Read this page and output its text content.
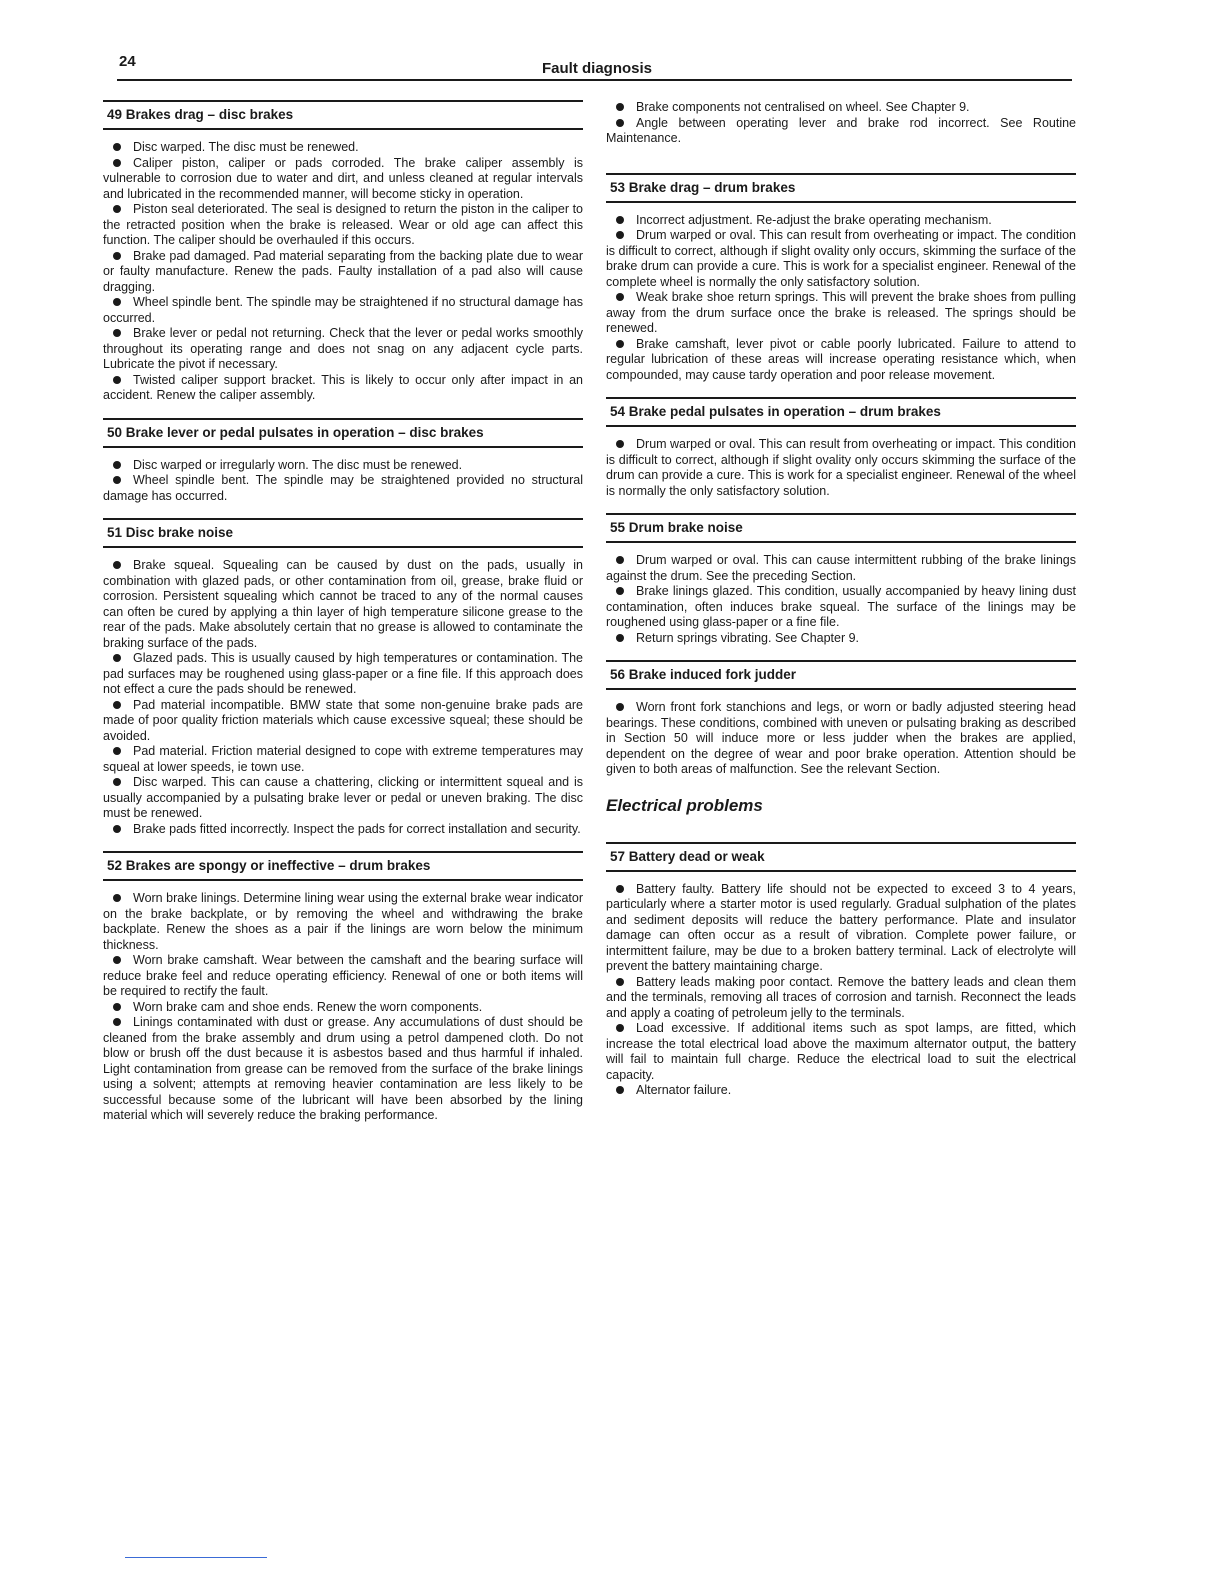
24	Fault diagnosis
49 Brakes drag – disc brakes

Disc warped. The disc must be renewed.

Caliper piston, caliper or pads corroded. The brake caliper assembly is vulnerable to corrosion due to water and dirt, and unless cleaned at regular intervals and lubricated in the recommended manner, will become sticky in operation.

Piston seal deteriorated. The seal is designed to return the piston in the caliper to the retracted position when the brake is released. Wear or old age can affect this function. The caliper should be overhauled if this occurs.

Brake pad damaged. Pad material separating from the backing plate due to wear or faulty manufacture. Renew the pads. Faulty installation of a pad also will cause dragging.

Wheel spindle bent. The spindle may be straightened if no structural damage has occurred.

Brake lever or pedal not returning. Check that the lever or pedal works smoothly throughout its operating range and does not snag on any adjacent cycle parts. Lubricate the pivot if necessary.

Twisted caliper support bracket. This is likely to occur only after impact in an accident. Renew the caliper assembly.

50 Brake lever or pedal pulsates in operation – disc brakes

Disc warped or irregularly worn. The disc must be renewed.

Wheel spindle bent. The spindle may be straightened provided no structural damage has occurred.

51 Disc brake noise

Brake squeal. Squealing can be caused by dust on the pads, usually in combination with glazed pads, or other contamination from oil, grease, brake fluid or corrosion. Persistent squealing which cannot be traced to any of the normal causes can often be cured by applying a thin layer of high temperature silicone grease to the rear of the pads. Make absolutely certain that no grease is allowed to contaminate the braking surface of the pads.

Glazed pads. This is usually caused by high temperatures or contamination. The pad surfaces may be roughened using glass-paper or a fine file. If this approach does not effect a cure the pads should be renewed.

Pad material incompatible. BMW state that some non-genuine brake pads are made of poor quality friction materials which cause excessive squeal; these should be avoided.

Pad material. Friction material designed to cope with extreme temperatures may squeal at lower speeds, ie town use.

Disc warped. This can cause a chattering, clicking or intermittent squeal and is usually accompanied by a pulsating brake lever or pedal or uneven braking. The disc must be renewed.

Brake pads fitted incorrectly. Inspect the pads for correct installation and security.

52 Brakes are spongy or ineffective – drum brakes

Worn brake linings. Determine lining wear using the external brake wear indicator on the brake backplate, or by removing the wheel and withdrawing the brake backplate. Renew the shoes as a pair if the linings are worn below the minimum thickness.

Worn brake camshaft. Wear between the camshaft and the bearing surface will reduce brake feel and reduce operating efficiency. Renewal of one or both items will be required to rectify the fault.

Worn brake cam and shoe ends. Renew the worn components.

Linings contaminated with dust or grease. Any accumulations of dust should be cleaned from the brake assembly and drum using a petrol dampened cloth. Do not blow or brush off the dust because it is asbestos based and thus harmful if inhaled. Light contamination from grease can be removed from the surface of the brake linings using a solvent; attempts at removing heavier contamination are less likely to be successful because some of the lubricant will have been absorbed by the lining material which will severely reduce the braking performance.

Brake components not centralised on wheel. See Chapter 9.

Angle between operating lever and brake rod incorrect. See Routine Maintenance.

53 Brake drag – drum brakes

Incorrect adjustment. Re-adjust the brake operating mechanism.

Drum warped or oval. This can result from overheating or impact. The condition is difficult to correct, although if slight ovality only occurs, skimming the surface of the brake drum can provide a cure. This is work for a specialist engineer. Renewal of the complete wheel is normally the only satisfactory solution.

Weak brake shoe return springs. This will prevent the brake shoes from pulling away from the drum surface once the brake is released. The springs should be renewed.

Brake camshaft, lever pivot or cable poorly lubricated. Failure to attend to regular lubrication of these areas will increase operating resistance which, when compounded, may cause tardy operation and poor release movement.

54 Brake pedal pulsates in operation – drum brakes

Drum warped or oval. This can result from overheating or impact. This condition is difficult to correct, although if slight ovality only occurs skimming the surface of the drum can provide a cure. This is work for a specialist engineer. Renewal of the wheel is normally the only satisfactory solution.

55 Drum brake noise

Drum warped or oval. This can cause intermittent rubbing of the brake linings against the drum. See the preceding Section.

Brake linings glazed. This condition, usually accompanied by heavy lining dust contamination, often induces brake squeal. The surface of the linings may be roughened using glass-paper or a fine file.

Return springs vibrating. See Chapter 9.

56 Brake induced fork judder

Worn front fork stanchions and legs, or worn or badly adjusted steering head bearings. These conditions, combined with uneven or pulsating braking as described in Section 50 will induce more or less judder when the brakes are applied, dependent on the degree of wear and poor brake operation. Attention should be given to both areas of malfunction. See the relevant Section.

Electrical problems
57 Battery dead or weak

Battery faulty. Battery life should not be expected to exceed 3 to 4 years, particularly where a starter motor is used regularly. Gradual sulphation of the plates and sediment deposits will reduce the battery performance. Plate and insulator damage can often occur as a result of vibration. Complete power failure, or intermittent failure, may be due to a broken battery terminal. Lack of electrolyte will prevent the battery maintaining charge.

Battery leads making poor contact. Remove the battery leads and clean them and the terminals, removing all traces of corrosion and tarnish. Reconnect the leads and apply a coating of petroleum jelly to the terminals.

Load excessive. If additional items such as spot lamps, are fitted, which increase the total electrical load above the maximum alternator output, the battery will fail to maintain full charge. Reduce the electrical load to suit the electrical capacity.

Alternator failure.
